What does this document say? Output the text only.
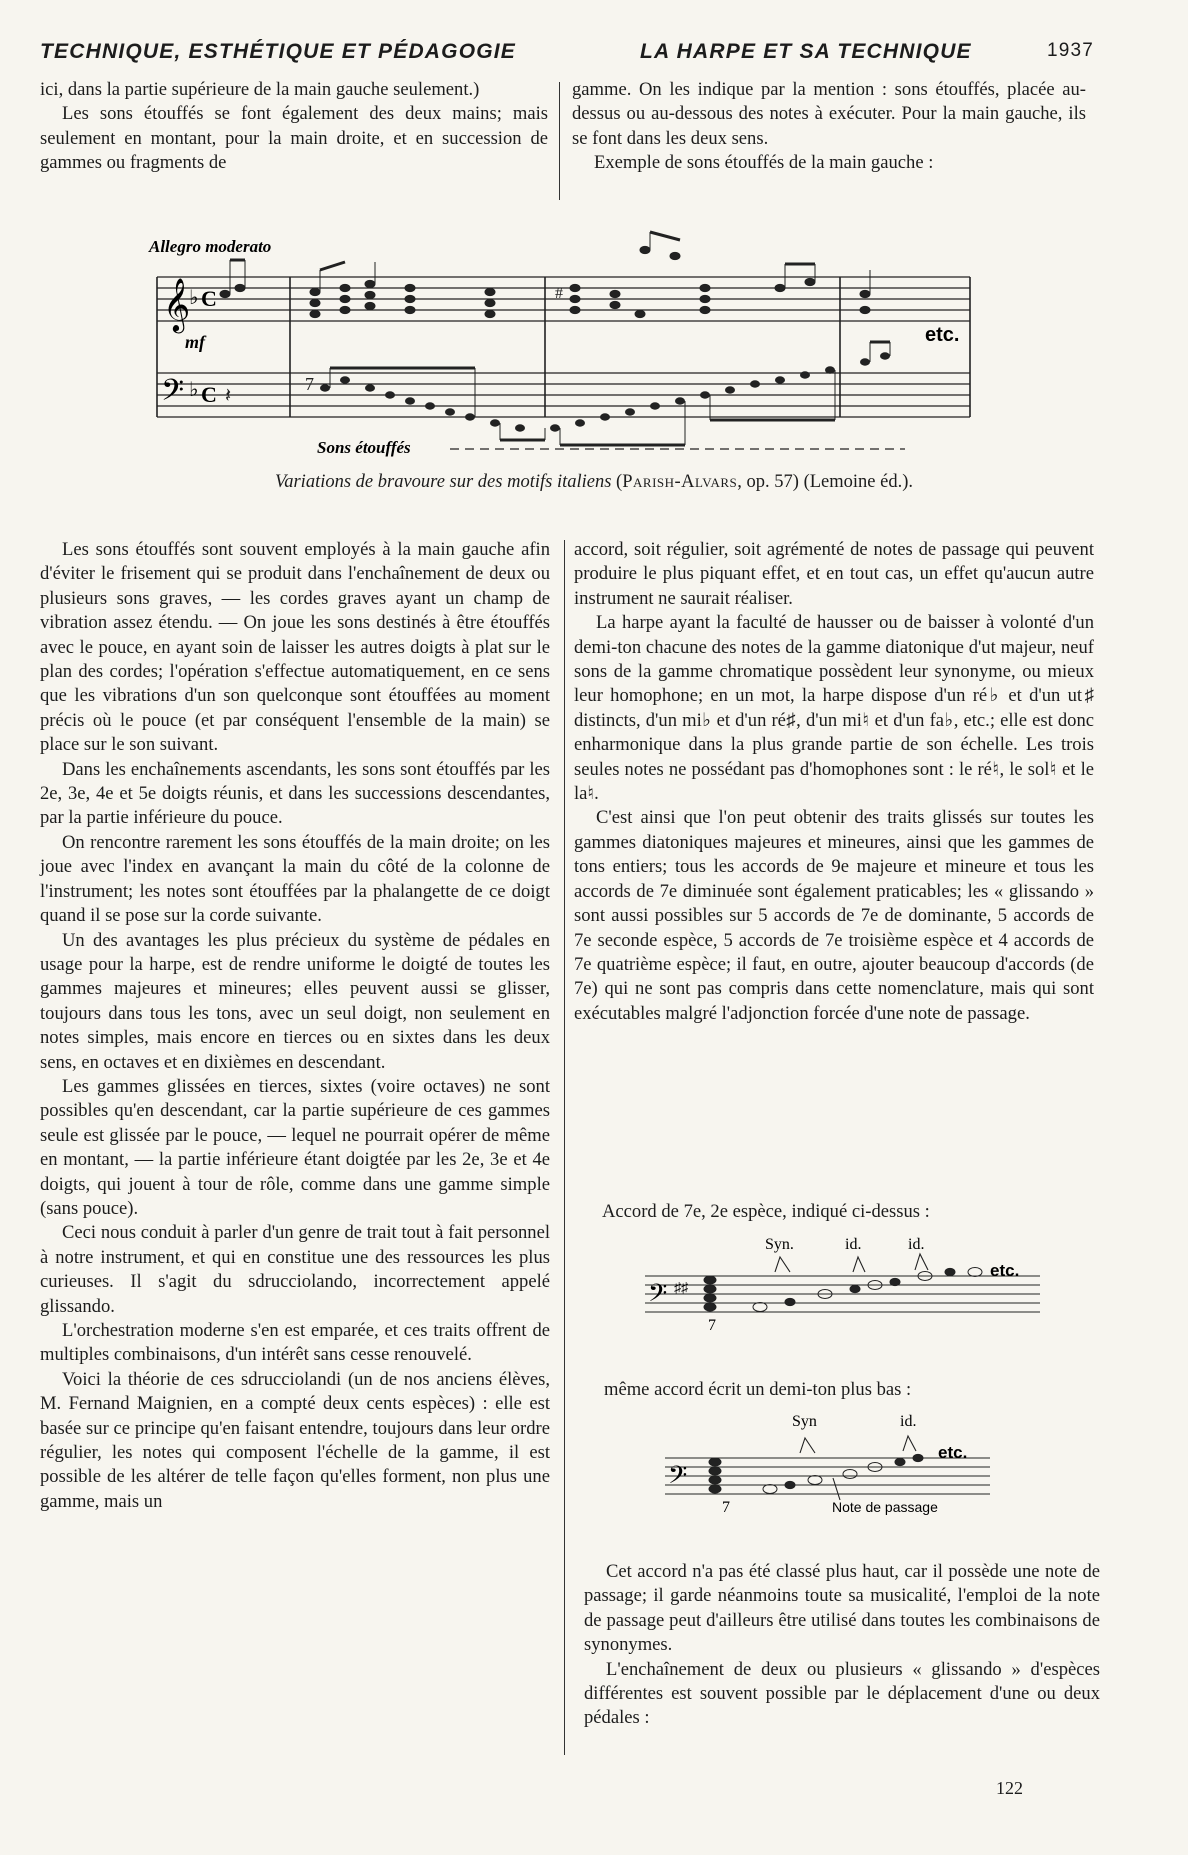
TECHNIQUE, ESTHÉTIQUE ET PÉDAGOGIE	LA HARPE ET SA TECHNIQUE	1937

ici, dans la partie supérieure de la main gauche seulement.)

Les sons étouffés se font également des deux mains; mais seulement en montant, pour la main droite, et en succession de gammes ou fragments de

gamme. On les indique par la mention : sons étouffés, placée au-dessus ou au-dessous des notes à exécuter. Pour la main gauche, ils se font dans les deux sens.

Exemple de sons étouffés de la main gauche :

Allegro moderato
𝄞
𝄢
♭
♭
C
C
mf
#
𝄽
7
etc.
Sons étouffés
Variations de bravoure sur des motifs italiens (Parish-Alvars, op. 57) (Lemoine éd.).

Les sons étouffés sont souvent employés à la main gauche afin d'éviter le frisement qui se produit dans l'enchaînement de deux ou plusieurs sons graves, — les cordes graves ayant un champ de vibration assez étendu. — On joue les sons destinés à être étouffés avec le pouce, en ayant soin de laisser les autres doigts à plat sur le plan des cordes; l'opération s'effectue automatiquement, en ce sens que les vibrations d'un son quelconque sont étouffées au moment précis où le pouce (et par conséquent l'ensemble de la main) se place sur le son suivant.

Dans les enchaînements ascendants, les sons sont étouffés par les 2e, 3e, 4e et 5e doigts réunis, et dans les successions descendantes, par la partie inférieure du pouce.

On rencontre rarement les sons étouffés de la main droite; on les joue avec l'index en avançant la main du côté de la colonne de l'instrument; les notes sont étouffées par la phalangette de ce doigt quand il se pose sur la corde suivante.

Un des avantages les plus précieux du système de pédales en usage pour la harpe, est de rendre uniforme le doigté de toutes les gammes majeures et mineures; elles peuvent aussi se glisser, toujours dans tous les tons, avec un seul doigt, non seulement en notes simples, mais encore en tierces ou en sixtes dans les deux sens, en octaves et en dixièmes en descendant.

Les gammes glissées en tierces, sixtes (voire octaves) ne sont possibles qu'en descendant, car la partie supérieure de ces gammes seule est glissée par le pouce, — lequel ne pourrait opérer de même en montant, — la partie inférieure étant doigtée par les 2e, 3e et 4e doigts, qui jouent à tour de rôle, comme dans une gamme simple (sans pouce).

Ceci nous conduit à parler d'un genre de trait tout à fait personnel à notre instrument, et qui en constitue une des ressources les plus curieuses. Il s'agit du sdrucciolando, incorrectement appelé glissando.

L'orchestration moderne s'en est emparée, et ces traits offrent de multiples combinaisons, d'un intérêt sans cesse renouvelé.

Voici la théorie de ces sdrucciolandi (un de nos anciens élèves, M. Fernand Maignien, en a compté deux cents espèces) : elle est basée sur ce principe qu'en faisant entendre, toujours dans leur ordre régulier, les notes qui composent l'échelle de la gamme, il est possible de les altérer de telle façon qu'elles forment, non plus une gamme, mais un

accord, soit régulier, soit agrémenté de notes de passage qui peuvent produire le plus piquant effet, et en tout cas, un effet qu'aucun autre instrument ne saurait réaliser.

La harpe ayant la faculté de hausser ou de baisser à volonté d'un demi-ton chacune des notes de la gamme diatonique d'ut majeur, neuf sons de la gamme chromatique possèdent leur synonyme, ou mieux leur homophone; en un mot, la harpe dispose d'un ré♭ et d'un ut♯ distincts, d'un mi♭ et d'un ré♯, d'un mi♮ et d'un fa♭, etc.; elle est donc enharmonique dans la plus grande partie de son échelle. Les trois seules notes ne possédant pas d'homophones sont : le ré♮, le sol♮ et le la♮.

C'est ainsi que l'on peut obtenir des traits glissés sur toutes les gammes diatoniques majeures et mineures, ainsi que les gammes de tons entiers; tous les accords de 9e majeure et mineure et tous les accords de 7e diminuée sont également praticables; les « glissando » sont aussi possibles sur 5 accords de 7e de dominante, 5 accords de 7e seconde espèce, 5 accords de 7e troisième espèce et 4 accords de 7e quatrième espèce; il faut, en outre, ajouter beaucoup d'accords (de 7e) qui ne sont pas compris dans cette nomenclature, mais qui sont exécutables malgré l'adjonction forcée d'une note de passage.

Accord de 7e, 2e espèce, indiqué ci-dessus :
Syn.	id.	id.
𝄢 ♯♯
etc.
7
même accord écrit un demi-ton plus bas :
Syn	id.
𝄢
etc.
7	Note de passage

Cet accord n'a pas été classé plus haut, car il possède une note de passage; il garde néanmoins toute sa musicalité, l'emploi de la note de passage peut d'ailleurs être utilisé dans toutes les combinaisons de synonymes.

L'enchaînement de deux ou plusieurs « glissando » d'espèces différentes est souvent possible par le déplacement d'une ou deux pédales :

122
